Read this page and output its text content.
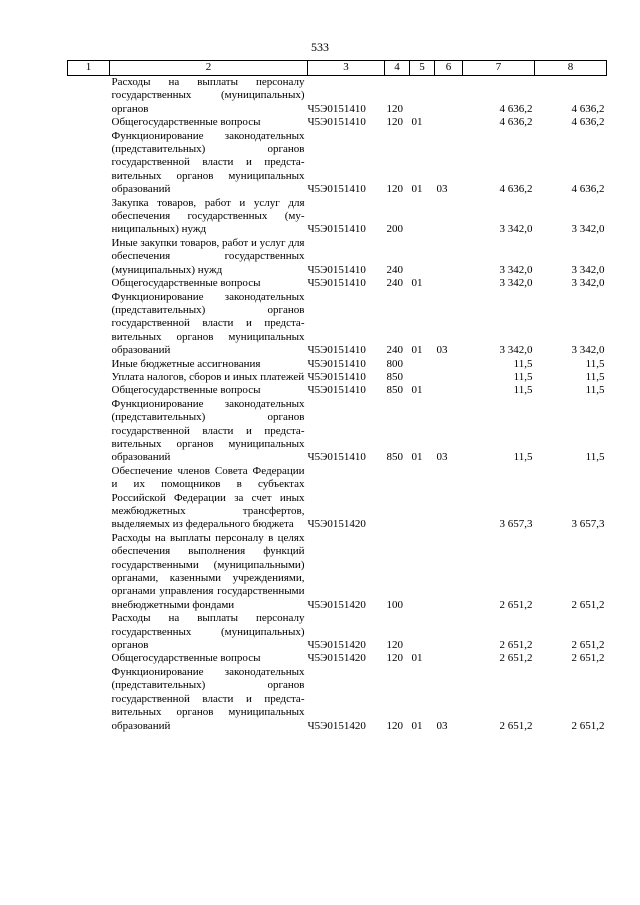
533
1	2	3	4	5	6	7	8
	Расходы на выплаты персоналу государственных (муниципальных) органов	Ч5Э0151410	120			4 636,2	4 636,2
	Общегосударственные вопросы	Ч5Э0151410	120	01		4 636,2	4 636,2
	Функционирование законодательных (представительных) органов государственной власти и представительных органов муниципальных образований	Ч5Э0151410	120	01	03	4 636,2	4 636,2
	Закупка товаров, работ и услуг для обеспечения государственных (муниципальных) нужд	Ч5Э0151410	200			3 342,0	3 342,0
	Иные закупки товаров, работ и услуг для обеспечения государственных (муниципальных) нужд	Ч5Э0151410	240			3 342,0	3 342,0
	Общегосударственные вопросы	Ч5Э0151410	240	01		3 342,0	3 342,0
	Функционирование законодательных (представительных) органов государственной власти и представительных органов муниципальных образований	Ч5Э0151410	240	01	03	3 342,0	3 342,0
	Иные бюджетные ассигнования	Ч5Э0151410	800			11,5	11,5
	Уплата налогов, сборов и иных платежей	Ч5Э0151410	850			11,5	11,5
	Общегосударственные вопросы	Ч5Э0151410	850	01		11,5	11,5
	Функционирование законодательных (представительных) органов государственной власти и представительных органов муниципальных образований	Ч5Э0151410	850	01	03	11,5	11,5
	Обеспечение членов Совета Федерации и их помощников в субъектах Российской Федерации за счет иных межбюджетных трансфертов, выделяемых из федерального бюджета	Ч5Э0151420				3 657,3	3 657,3
	Расходы на выплаты персоналу в целях обеспечения выполнения функций государственными (муниципальными) органами, казенными учреждениями, органами управления государственными внебюджетными фондами	Ч5Э0151420	100			2 651,2	2 651,2
	Расходы на выплаты персоналу государственных (муниципальных) органов	Ч5Э0151420	120			2 651,2	2 651,2
	Общегосударственные вопросы	Ч5Э0151420	120	01		2 651,2	2 651,2
	Функционирование законодательных (представительных) органов государственной власти и представительных органов муниципальных образований	Ч5Э0151420	120	01	03	2 651,2	2 651,2
